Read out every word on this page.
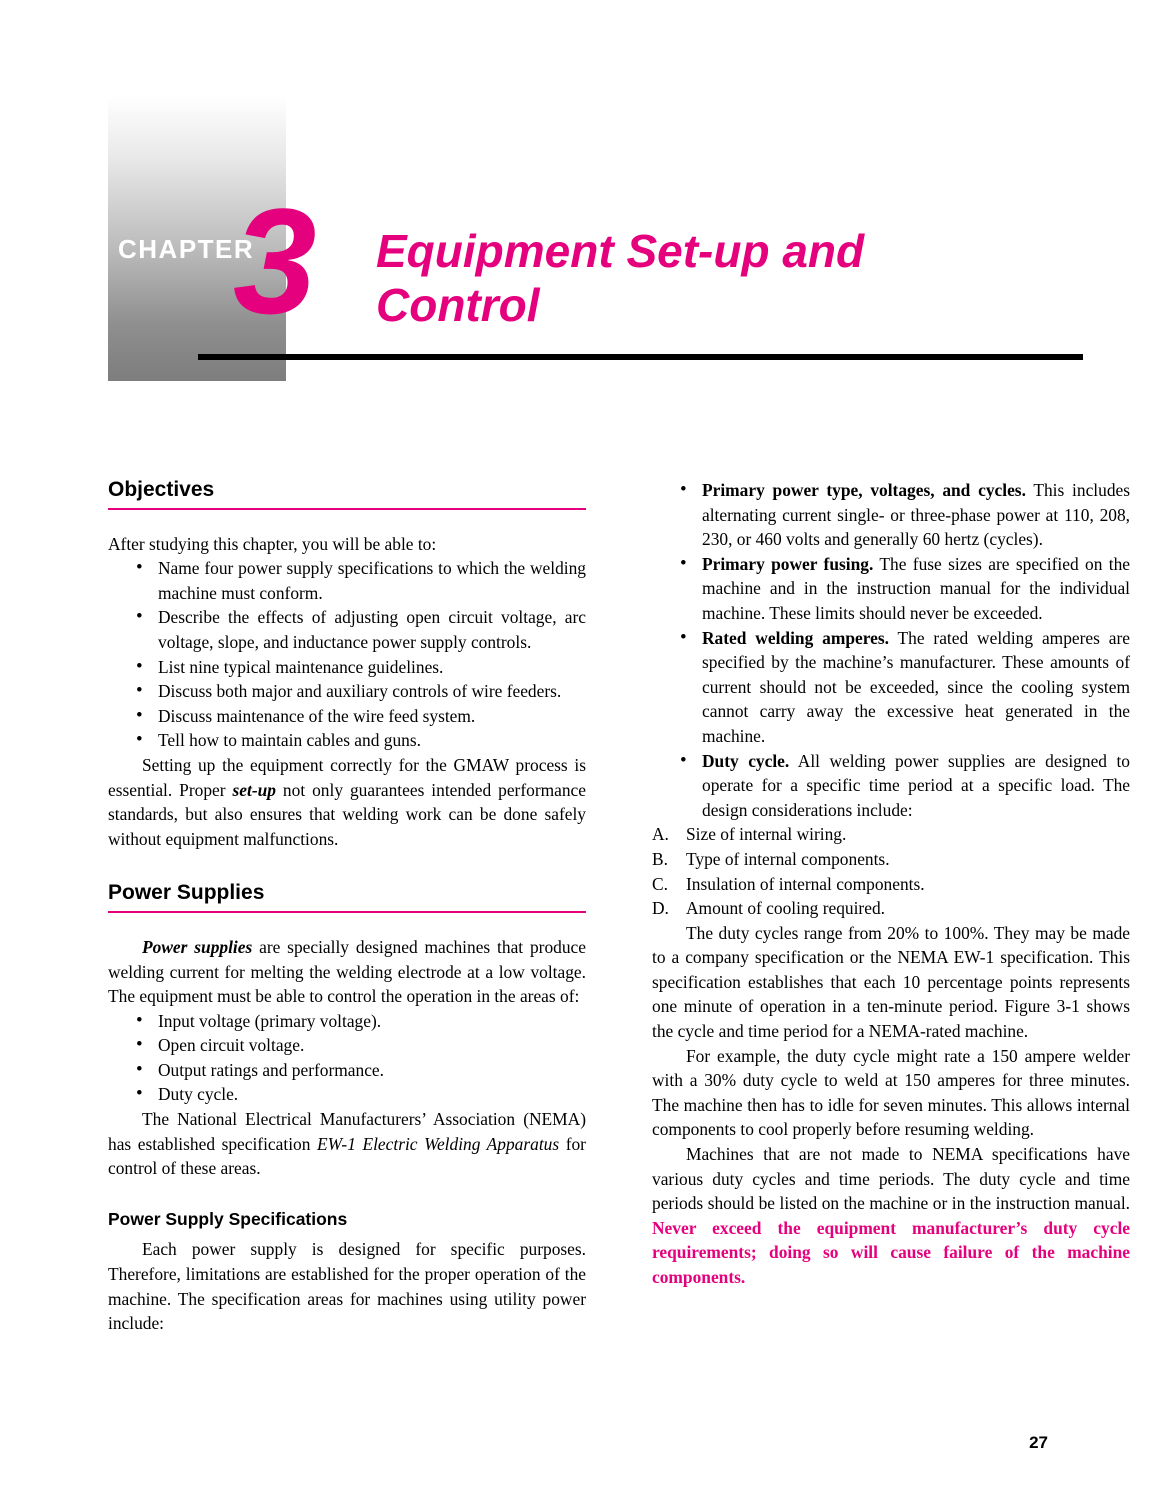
CHAPTER
3 Equipment Set-up and Control
Objectives

After studying this chapter, you will be able to:

• Name four power supply specifications to which the welding machine must conform.
• Describe the effects of adjusting open circuit voltage, arc voltage, slope, and inductance power supply controls.
• List nine typical maintenance guidelines.
• Discuss both major and auxiliary controls of wire feeders.
• Discuss maintenance of the wire feed system.
• Tell how to maintain cables and guns.

Setting up the equipment correctly for the GMAW process is essential. Proper set-up not only guarantees intended performance standards, but also ensures that welding work can be done safely without equipment malfunctions.

Power Supplies

Power supplies are specially designed machines that produce welding current for melting the welding electrode at a low voltage. The equipment must be able to control the operation in the areas of:

• Input voltage (primary voltage).
• Open circuit voltage.
• Output ratings and performance.
• Duty cycle.

The National Electrical Manufacturers’ Association (NEMA) has established specification EW-1 Electric Welding Apparatus for control of these areas.

Power Supply Specifications

Each power supply is designed for specific purposes. Therefore, limitations are established for the proper operation of the machine. The specification areas for machines using utility power include:

• Primary power type, voltages, and cycles. This includes alternating current single- or three-phase power at 110, 208, 230, or 460 volts and generally 60 hertz (cycles).
• Primary power fusing. The fuse sizes are specified on the machine and in the instruction manual for the individual machine. These limits should never be exceeded.
• Rated welding amperes. The rated welding amperes are specified by the machine’s manufacturer. These amounts of current should not be exceeded, since the cooling system cannot carry away the excessive heat generated in the machine.
• Duty cycle. All welding power supplies are designed to operate for a specific time period at a specific load. The design considerations include:
A. Size of internal wiring.
B. Type of internal components.
C. Insulation of internal components.
D. Amount of cooling required.

The duty cycles range from 20% to 100%. They may be made to a company specification or the NEMA EW-1 specification. This specification establishes that each 10 percentage points represents one minute of operation in a ten-minute period. Figure 3-1 shows the cycle and time period for a NEMA-rated machine.

For example, the duty cycle might rate a 150 ampere welder with a 30% duty cycle to weld at 150 amperes for three minutes. The machine then has to idle for seven minutes. This allows internal components to cool properly before resuming welding.

Machines that are not made to NEMA specifications have various duty cycles and time periods. The duty cycle and time periods should be listed on the machine or in the instruction manual. Never exceed the equipment manufacturer’s duty cycle requirements; doing so will cause failure of the machine components.

27
